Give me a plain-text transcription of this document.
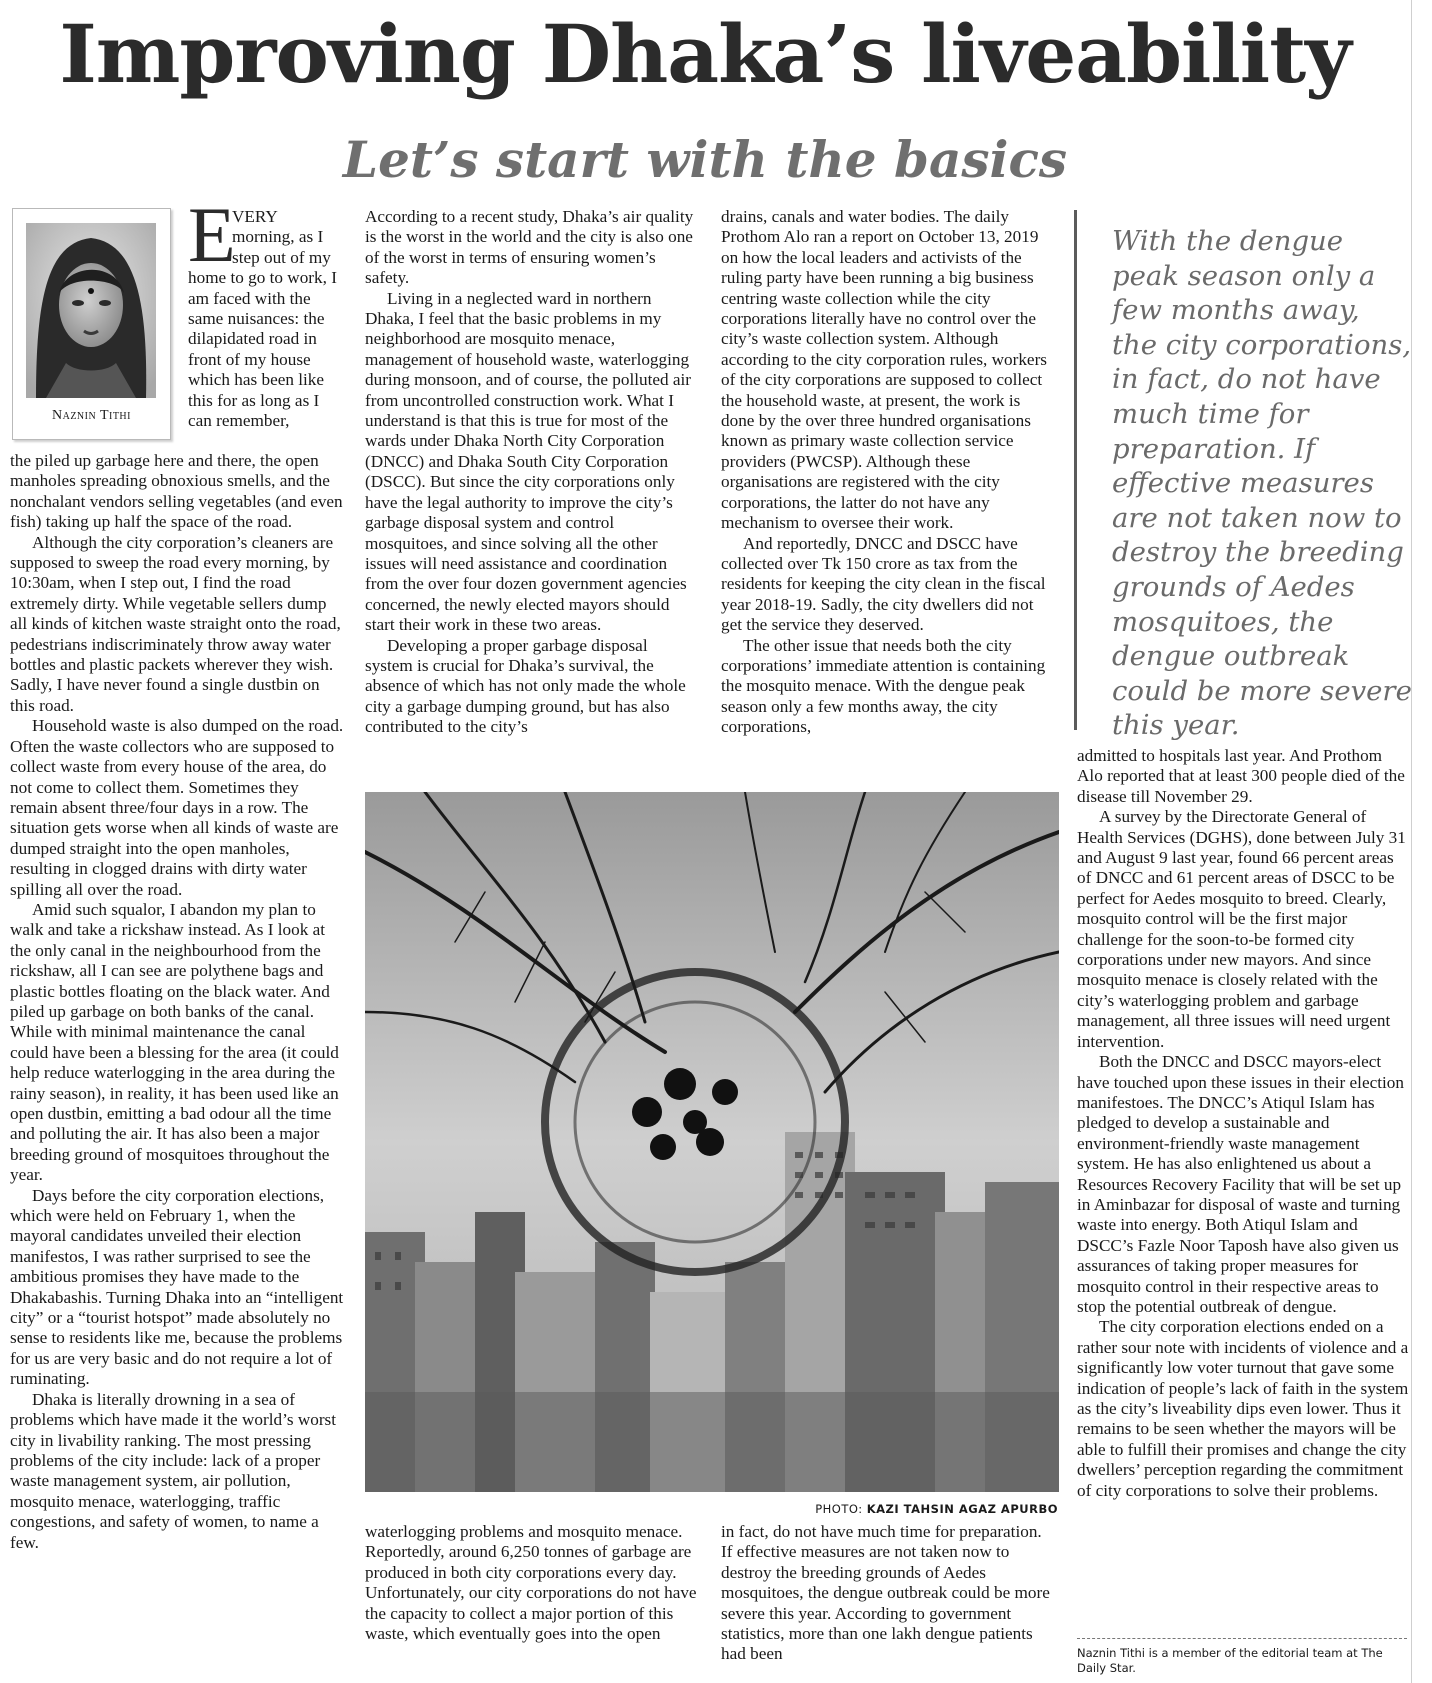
Improving Dhaka’s liveability
Let’s start with the basics
Naznin Tithi
E

VERY morning, as I step out of my home to go to work, I am faced with the same nuisances: the dilapidated road in front of my house which has been like this for as long as I can remember,

the piled up garbage here and there, the open manholes spreading obnoxious smells, and the nonchalant vendors selling vegetables (and even fish) taking up half the space of the road.

Although the city corporation’s cleaners are supposed to sweep the road every morning, by 10:30am, when I step out, I find the road extremely dirty. While vegetable sellers dump all kinds of kitchen waste straight onto the road, pedestrians indiscriminately throw away water bottles and plastic packets wherever they wish. Sadly, I have never found a single dustbin on this road.

Household waste is also dumped on the road. Often the waste collectors who are supposed to collect waste from every house of the area, do not come to collect them. Sometimes they remain absent three/four days in a row. The situation gets worse when all kinds of waste are dumped straight into the open manholes, resulting in clogged drains with dirty water spilling all over the road.

Amid such squalor, I abandon my plan to walk and take a rickshaw instead. As I look at the only canal in the neighbourhood from the rickshaw, all I can see are polythene bags and plastic bottles floating on the black water. And piled up garbage on both banks of the canal. While with minimal maintenance the canal could have been a blessing for the area (it could help reduce waterlogging in the area during the rainy season), in reality, it has been used like an open dustbin, emitting a bad odour all the time and polluting the air. It has also been a major breeding ground of mosquitoes throughout the year.

Days before the city corporation elections, which were held on February 1, when the mayoral candidates unveiled their election manifestos, I was rather surprised to see the ambitious promises they have made to the Dhakabashis. Turning Dhaka into an “intelligent city” or a “tourist hotspot” made absolutely no sense to residents like me, because the problems for us are very basic and do not require a lot of ruminating.

Dhaka is literally drowning in a sea of problems which have made it the world’s worst city in livability ranking. The most pressing problems of the city include: lack of a proper waste management system, air pollution, mosquito menace, waterlogging, traffic congestions, and safety of women, to name a few.

According to a recent study, Dhaka’s air quality is the worst in the world and the city is also one of the worst in terms of ensuring women’s safety.

Living in a neglected ward in northern Dhaka, I feel that the basic problems in my neighborhood are mosquito menace, management of household waste, waterlogging during monsoon, and of course, the polluted air from uncontrolled construction work. What I understand is that this is true for most of the wards under Dhaka North City Corporation (DNCC) and Dhaka South City Corporation (DSCC). But since the city corporations only have the legal authority to improve the city’s garbage disposal system and control mosquitoes, and since solving all the other issues will need assistance and coordination from the over four dozen government agencies concerned, the newly elected mayors should start their work in these two areas.

Developing a proper garbage disposal system is crucial for Dhaka’s survival, the absence of which has not only made the whole city a garbage dumping ground, but has also contributed to the city’s

drains, canals and water bodies. The daily Prothom Alo ran a report on October 13, 2019 on how the local leaders and activists of the ruling party have been running a big business centring waste collection while the city corporations literally have no control over the city’s waste collection system. Although according to the city corporation rules, workers of the city corporations are supposed to collect the household waste, at present, the work is done by the over three hundred organisations known as primary waste collection service providers (PWCSP). Although these organisations are registered with the city corporations, the latter do not have any mechanism to oversee their work.

And reportedly, DNCC and DSCC have collected over Tk 150 crore as tax from the residents for keeping the city clean in the fiscal year 2018-19. Sadly, the city dwellers did not get the service they deserved.

The other issue that needs both the city corporations’ immediate attention is containing the mosquito menace. With the dengue peak season only a few months away, the city corporations,

With the dengue peak season only a few months away, the city corporations, in fact, do not have much time for preparation. If effective measures are not taken now to destroy the breeding grounds of Aedes mosquitoes, the dengue outbreak could be more severe this year.
PHOTO: KAZI TAHSIN AGAZ APURBO

waterlogging problems and mosquito menace. Reportedly, around 6,250 tonnes of garbage are produced in both city corporations every day. Unfortunately, our city corporations do not have the capacity to collect a major portion of this waste, which eventually goes into the open

in fact, do not have much time for preparation. If effective measures are not taken now to destroy the breeding grounds of Aedes mosquitoes, the dengue outbreak could be more severe this year. According to government statistics, more than one lakh dengue patients had been

admitted to hospitals last year. And Prothom Alo reported that at least 300 people died of the disease till November 29.

A survey by the Directorate General of Health Services (DGHS), done between July 31 and August 9 last year, found 66 percent areas of DNCC and 61 percent areas of DSCC to be perfect for Aedes mosquito to breed. Clearly, mosquito control will be the first major challenge for the soon-to-be formed city corporations under new mayors. And since mosquito menace is closely related with the city’s waterlogging problem and garbage management, all three issues will need urgent intervention.

Both the DNCC and DSCC mayors-elect have touched upon these issues in their election manifestoes. The DNCC’s Atiqul Islam has pledged to develop a sustainable and environment-friendly waste management system. He has also enlightened us about a Resources Recovery Facility that will be set up in Aminbazar for disposal of waste and turning waste into energy. Both Atiqul Islam and DSCC’s Fazle Noor Taposh have also given us assurances of taking proper measures for mosquito control in their respective areas to stop the potential outbreak of dengue.

The city corporation elections ended on a rather sour note with incidents of violence and a significantly low voter turnout that gave some indication of people’s lack of faith in the system as the city’s liveability dips even lower. Thus it remains to be seen whether the mayors will be able to fulfill their promises and change the city dwellers’ perception regarding the commitment of city corporations to solve their problems.

Naznin Tithi is a member of the editorial team at The Daily Star.
